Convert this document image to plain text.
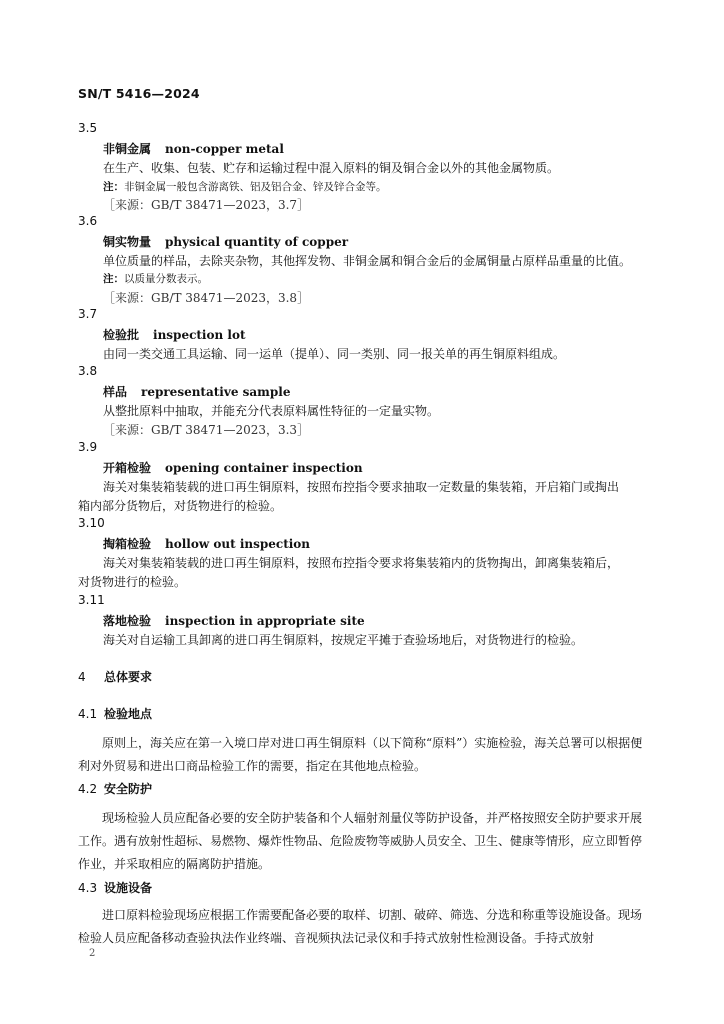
SN/T 5416—2024
3.5
非铜金属 non-copper metal
在生产、收集、包装、贮存和运输过程中混入原料的铜及铜合金以外的其他金属物质。
注：非铜金属一般包含游离铁、铝及铝合金、锌及锌合金等。
［来源：GB/T 38471—2023，3.7］
3.6
铜实物量 physical quantity of copper
单位质量的样品，去除夹杂物，其他挥发物、非铜金属和铜合金后的金属铜量占原样品重量的比值。
注：以质量分数表示。
［来源：GB/T 38471—2023，3.8］
3.7
检验批 inspection lot
由同一类交通工具运输、同一运单（提单）、同一类别、同一报关单的再生铜原料组成。
3.8
样品 representative sample
从整批原料中抽取，并能充分代表原料属性特征的一定量实物。
［来源：GB/T 38471—2023，3.3］
3.9
开箱检验 opening container inspection
海关对集装箱装载的进口再生铜原料，按照布控指令要求抽取一定数量的集装箱，开启箱门或掏出
箱内部分货物后，对货物进行的检验。
3.10
掏箱检验 hollow out inspection
海关对集装箱装载的进口再生铜原料，按照布控指令要求将集装箱内的货物掏出，卸离集装箱后，
对货物进行的检验。
3.11
落地检验 inspection in appropriate site
海关对自运输工具卸离的进口再生铜原料，按规定平摊于查验场地后，对货物进行的检验。
4 总体要求
4.1 检验地点
原则上，海关应在第一入境口岸对进口再生铜原料（以下简称“原料”）实施检验，海关总署可以根据便利对外贸易和进出口商品检验工作的需要，指定在其他地点检验。
4.2 安全防护
现场检验人员应配备必要的安全防护装备和个人辐射剂量仪等防护设备，并严格按照安全防护要求开展工作。遇有放射性超标、易燃物、爆炸性物品、危险废物等威胁人员安全、卫生、健康等情形，应立即暂停作业，并采取相应的隔离防护措施。
4.3 设施设备
进口原料检验现场应根据工作需要配备必要的取样、切割、破碎、筛选、分选和称重等设施设备。现场检验人员应配备移动查验执法作业终端、音视频执法记录仪和手持式放射性检测设备。手持式放射
2
